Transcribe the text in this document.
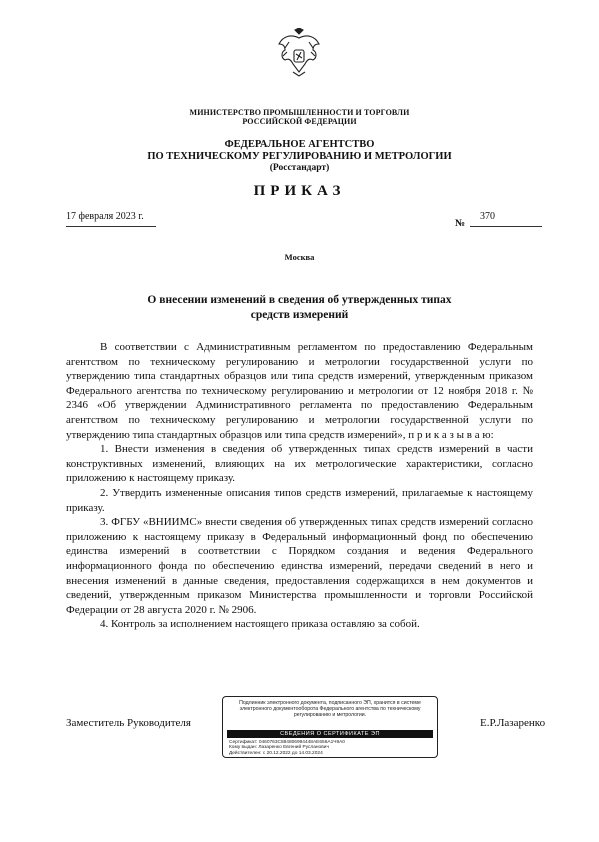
МИНИСТЕРСТВО ПРОМЫШЛЕННОСТИ И ТОРГОВЛИ
РОССИЙСКОЙ ФЕДЕРАЦИИ
ФЕДЕРАЛЬНОЕ АГЕНТСТВО
ПО ТЕХНИЧЕСКОМУ РЕГУЛИРОВАНИЮ И МЕТРОЛОГИИ
(Росстандарт)
ПРИКАЗ
17 февраля 2023 г.
№
370
Москва
О внесении изменений в сведения об утвержденных типах
средств измерений

В соответствии с Административным регламентом по предоставлению Федеральным агентством по техническому регулированию и метрологии государственной услуги по утверждению типа стандартных образцов или типа средств измерений, утвержденным приказом Федерального агентства по техническому регулированию и метрологии от 12 ноября 2018 г. № 2346 «Об утверждении Административного регламента по предоставлению Федеральным агентством по техническому регулированию и метрологии государственной услуги по утверждению типа стандартных образцов или типа средств измерений», п р и к а з ы в а ю:

1. Внести изменения в сведения об утвержденных типах средств измерений в части конструктивных изменений, влияющих на их метрологические характеристики, согласно приложению к настоящему приказу.

2. Утвердить измененные описания типов средств измерений, прилагаемые к настоящему приказу.

3. ФГБУ «ВНИИМС» внести сведения об утвержденных типах средств измерений согласно приложению к настоящему приказу в Федеральный информационный фонд по обеспечению единства измерений в соответствии с Порядком создания и ведения Федерального информационного фонда по обеспечению единства измерений, передачи сведений в него и внесения изменений в данные сведения, предоставления содержащихся в нем документов и сведений, утвержденным приказом Министерства промышленности и торговли Российской Федерации от 28 августа 2020 г. № 2906.

4. Контроль за исполнением настоящего приказа оставляю за собой.

Заместитель Руководителя	Е.Р.Лазаренко
Подлинник электронного документа, подписанного ЭП, хранится в системе электронного документооборота Федерального агентства по техническому регулированию и метрологии.
СВЕДЕНИЯ О СЕРТИФИКАТЕ ЭП
Сертификат: 0460763С884806994448АЕ656А1Ч9А0
Кому выдан: Лазаренко Евгений Русланович
Действителен: с 20.12.2022 до 14.03.2024
